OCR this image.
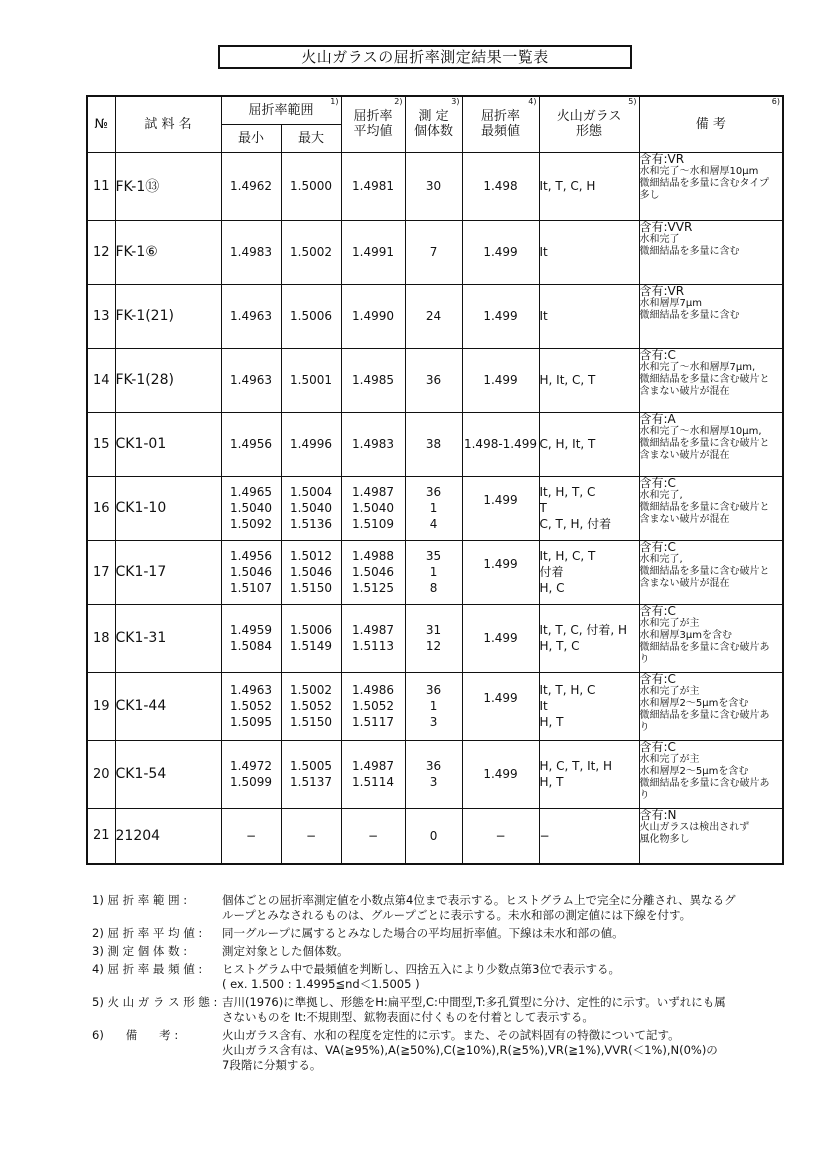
火山ガラスの屈折率測定結果一覧表
№	試 料 名	屈折率範囲
1)		屈折率
平均値
2)	測 定
個体数
3)	屈折率
最頻値
4)	火山ガラス
形態
5)	備 考
6)

		最小	最大					

11	FK-1⑬	1.4962	1.5000	1.4981	30	1.498	It, T, C, H	含有:VR
水和完了～水和層厚10μm
微細結晶を多量に含むタイプ
多し

12	FK-1⑥	1.4983	1.5002	1.4991	7	1.499	It	含有:VVR
水和完了
微細結晶を多量に含む

13	FK-1(21)	1.4963	1.5006	1.4990	24	1.499	It	含有:VR
水和層厚7μm
微細結晶を多量に含む

14	FK-1(28)	1.4963	1.5001	1.4985	36	1.499	H, It, C, T	含有:C
水和完了～水和層厚7μm,
微細結晶を多量に含む破片と
含まない破片が混在

15	CK1-01	1.4956	1.4996	1.4983	38	1.498-1.499	C, H, It, T	含有:A
水和完了～水和層厚10μm,
微細結晶を多量に含む破片と
含まない破片が混在

16	CK1-10	1.4965
1.5040
1.5092	1.5004
1.5040
1.5136	1.4987
1.5040
1.5109	36
1
4	1.499	It, H, T, C
T
C, T, H, 付着	含有:C
水和完了,
微細結晶を多量に含む破片と
含まない破片が混在

17	CK1-17	1.4956
1.5046
1.5107	1.5012
1.5046
1.5150	1.4988
1.5046
1.5125	35
1
8	1.499	It, H, C, T
付着
H, C	含有:C
水和完了,
微細結晶を多量に含む破片と
含まない破片が混在

18	CK1-31	1.4959
1.5084	1.5006
1.5149	1.4987
1.5113	31
12	1.499	It, T, C, 付着, H
H, T, C	含有:C
水和完了が主
水和層厚3μmを含む
微細結晶を多量に含む破片あ
り

19	CK1-44	1.4963
1.5052
1.5095	1.5002
1.5052
1.5150	1.4986
1.5052
1.5117	36
1
3	1.499	It, T, H, C
It
H, T	含有:C
水和完了が主
水和層厚2～5μmを含む
微細結晶を多量に含む破片あ
り

20	CK1-54	1.4972
1.5099	1.5005
1.5137	1.4987
1.5114	36
3	1.499	H, C, T, It, H
H, T	含有:C
水和完了が主
水和層厚2～5μmを含む
微細結晶を多量に含む破片あ
り

21	21204	−	−	−	0	−	−	含有:N
火山ガラスは検出されず
風化物多し
1) 屈 折 率 範 囲 :	個体ごとの屈折率測定値を小数点第4位まで表示する。ヒストグラム上で完全に分離され、異なるグ
ループとみなされるものは、グループごとに表示する。未水和部の測定値には下線を付す。
2) 屈 折 率 平 均 値 :	同一グループに属するとみなした場合の平均屈折率値。下線は未水和部の値。
3) 測 定 個 体 数 :	測定対象とした個体数。
4) 屈 折 率 最 頻 値 :	ヒストグラム中で最頻値を判断し、四捨五入により少数点第3位で表示する。
( ex. 1.500 : 1.4995≦nd＜1.5005 )
5) 火 山 ガ ラ ス 形 態 : 吉川(1976)に準拠し、形態をH:扁平型,C:中間型,T:多孔質型に分け、定性的に示す。いずれにも属
さないものを It:不規則型、鉱物表面に付くものを付着として表示する。
6)      備      考 :	火山ガラス含有、水和の程度を定性的に示す。また、その試料固有の特徴について記す。
火山ガラス含有は、VA(≧95%),A(≧50%),C(≧10%),R(≧5%),VR(≧1%),VVR(＜1%),N(0%)の
7段階に分類する。
